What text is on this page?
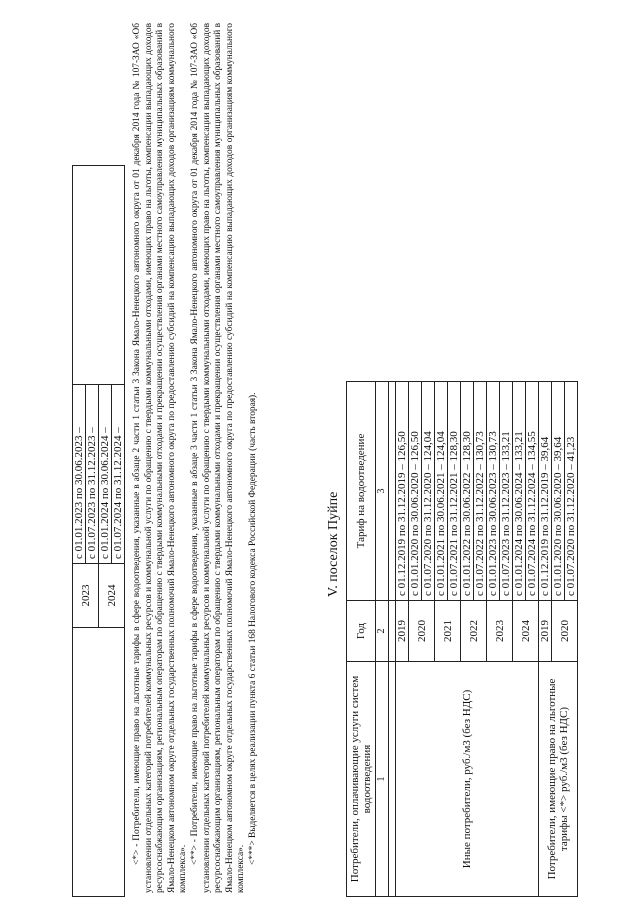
	2023	с 01.01.2023 по 30.06.2023 –	
		с 01.07.2023 по 31.12.2023 –	
	2024	с 01.01.2024 по 30.06.2024 –	
		с 01.07.2024 по 31.12.2024 –	<*> - Потребители, имеющие право на льготные тарифы в сфере водоотведения, указанные в абзаце 2 части 1 статьи 3 Закона Ямало-Ненецкого автономного округа от 01 декабря 2014 года № 107-ЗАО «Об установлении отдельных категорий потребителей коммунальных ресурсов и коммунальной услуги по обращению с твердыми коммунальными отходами, имеющих право на льготы, компенсации выпадающих доходов ресурсоснабжающим организациям, региональным операторам по обращению с твердыми коммунальными отходами и прекращении осуществления органами местного самоуправления муниципальных образований в Ямало-Ненецком автономном округе отдельных государственных полномочий Ямало-Ненецкого автономного округа по предоставлению субсидий на компенсацию выпадающих доходов организациям коммунального комплекса».

<**> - Потребители, имеющие право на льготные тарифы в сфере водоотведения, указанные в абзаце 3 части 1 статьи 3 Закона Ямало-Ненецкого автономного округа от 01 декабря 2014 года № 107-ЗАО «Об установлении отдельных категорий потребителей коммунальных ресурсов и коммунальной услуги по обращению с твердыми коммунальными отходами, имеющих право на льготы, компенсации выпадающих доходов ресурсоснабжающим организациям, региональным операторам по обращению с твердыми коммунальными отходами и прекращении осуществления органами местного самоуправления муниципальных образований в Ямало-Ненецком автономном округе отдельных государственных полномочий Ямало-Ненецкого автономного округа по предоставлению субсидий на компенсацию выпадающих доходов организациям коммунального комплекса».

<***> Выделяется в целях реализации пункта 6 статьи 168 Налогового кодекса Российской Федерации (часть вторая).	V. поселок Пуйпе
Потребители, оплачивающие услуги систем водоотведения	Год	Тариф на водоотведение
1	2	3

Иные потребители, руб./м3 (без НДС)	2019	с 01.12.2019 по 31.12.2019 – 126,50
	2020	с 01.01.2020 по 30.06.2020 – 126,50
		с 01.07.2020 по 31.12.2020 – 124,04
	2021	с 01.01.2021 по 30.06.2021 – 124,04
		с 01.07.2021 по 31.12.2021 – 128,30
	2022	с 01.01.2022 по 30.06.2022 – 128,30
		с 01.07.2022 по 31.12.2022 – 130,73
	2023	с 01.01.2023 по 30.06.2023 – 130,73
		с 01.07.2023 по 31.12.2023 – 133,21
	2024	с 01.01.2024 по 30.06.2024 – 133,21
		с 01.07.2024 по 31.12.2024 – 134,55
Потребители, имеющие право на льготные тарифы <*> руб./м3 (без НДС)	2019	с 01.12.2019 по 31.12.2019 – 39,64
	2020	с 01.01.2020 по 30.06.2020 – 39,64
		с 01.07.2020 по 31.12.2020 – 41,23
